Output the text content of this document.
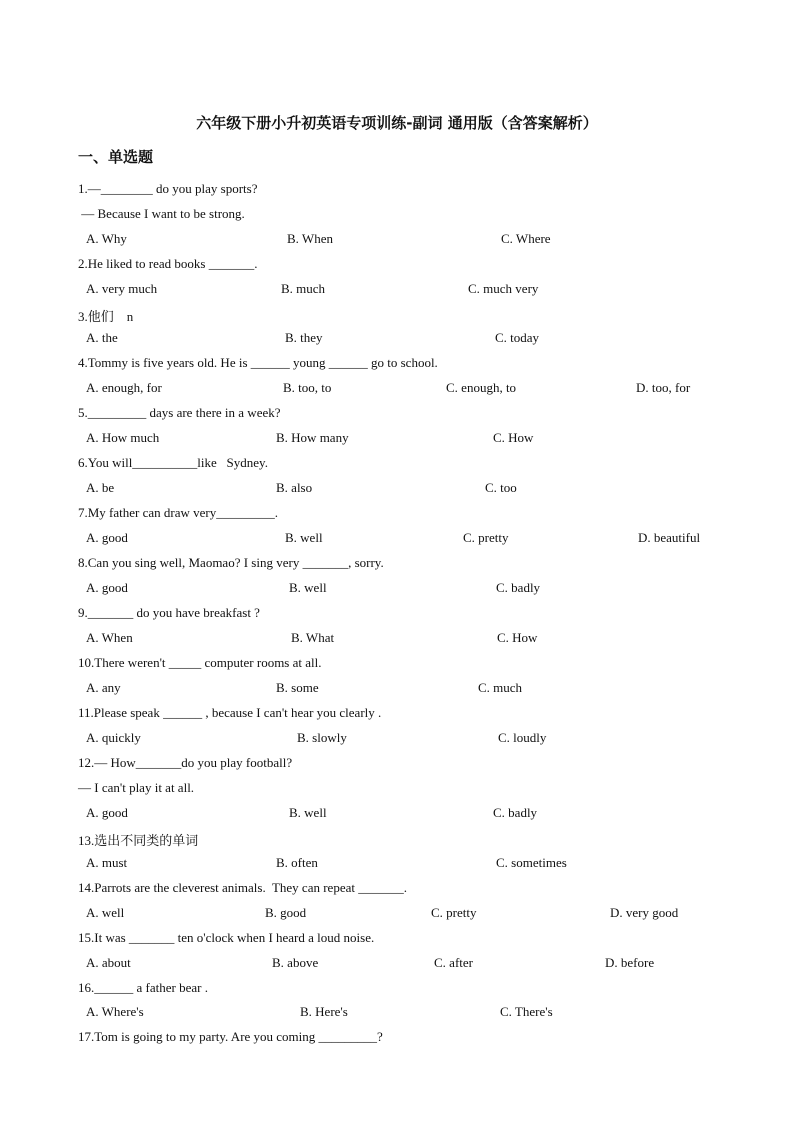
六年级下册小升初英语专项训练-副词 通用版（含答案解析）
一、单选题
1.—________ do you play sports?
— Because I want to be strong.
A. Why	B. When	C. Where
2.He liked to read books _______.
A. very much	B. much	C. much very
3.他们    n
A. the	B. they	C. today
4.Tommy is five years old. He is ______ young ______ go to school.
A. enough, for	B. too, to	C. enough, to	D. too, for
5._________ days are there in a week?
A. How much	B. How many	C. How
6.You will__________like   Sydney.
A. be	B. also	C. too
7.My father can draw very_________.
A. good	B. well	C. pretty	D. beautiful
8.Can you sing well, Maomao? I sing very _______, sorry.
A. good	B. well	C. badly
9._______ do you have breakfast ?
A. When	B. What	C. How
10.There weren't _____ computer rooms at all.
A. any	B. some	C. much
11.Please speak ______ , because I can't hear you clearly .
A. quickly	B. slowly	C. loudly
12.— How_______do you play football?
— I can't play it at all.
A. good	B. well	C. badly
13.选出不同类的单词
A. must	B. often	C. sometimes
14.Parrots are the cleverest animals.  They can repeat _______.
A. well	B. good	C. pretty	D. very good
15.It was _______ ten o'clock when I heard a loud noise.
A. about	B. above	C. after	D. before
16.______ a father bear .
A. Where's	B. Here's	C. There's
17.Tom is going to my party. Are you coming _________?
